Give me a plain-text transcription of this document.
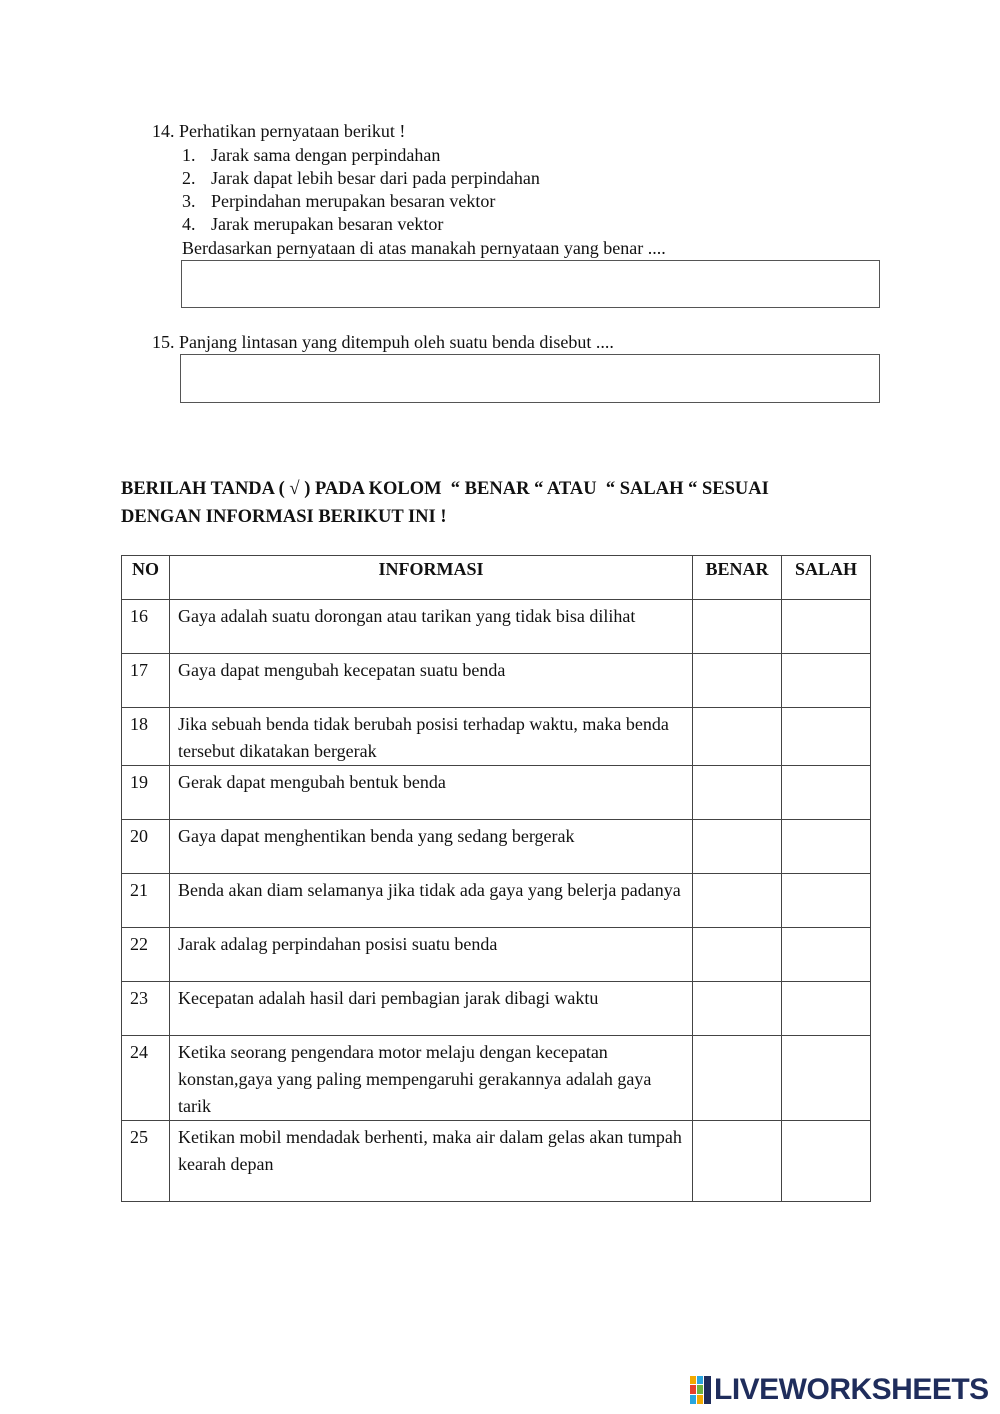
14. Perhatikan pernyataan berikut !
1. Jarak sama dengan perpindahan
2. Jarak dapat lebih besar dari pada perpindahan
3. Perpindahan merupakan besaran vektor
4. Jarak merupakan besaran vektor
Berdasarkan pernyataan di atas manakah pernyataan yang benar ....
15. Panjang lintasan yang ditempuh oleh suatu benda disebut ....
BERILAH TANDA ( √ ) PADA KOLOM  “ BENAR “ ATAU  “ SALAH “ SESUAI
DENGAN INFORMASI BERIKUT INI !
NO	INFORMASI	BENAR	SALAH
16	Gaya adalah suatu dorongan atau tarikan yang tidak bisa dilihat		
17	Gaya dapat mengubah kecepatan suatu benda		
18	Jika sebuah benda tidak berubah posisi terhadap waktu, maka benda tersebut dikatakan bergerak		
19	Gerak dapat mengubah bentuk benda		
20	Gaya dapat menghentikan benda yang sedang bergerak		
21	Benda akan diam selamanya jika tidak ada gaya yang belerja padanya		
22	Jarak adalag perpindahan posisi suatu benda		
23	Kecepatan adalah hasil dari pembagian jarak dibagi waktu		
24	Ketika seorang pengendara motor melaju dengan kecepatan konstan,gaya yang paling mempengaruhi gerakannya adalah gaya tarik		
25	Ketikan mobil mendadak berhenti, maka air dalam gelas akan tumpah kearah depan		
LIVEWORKSHEETS
